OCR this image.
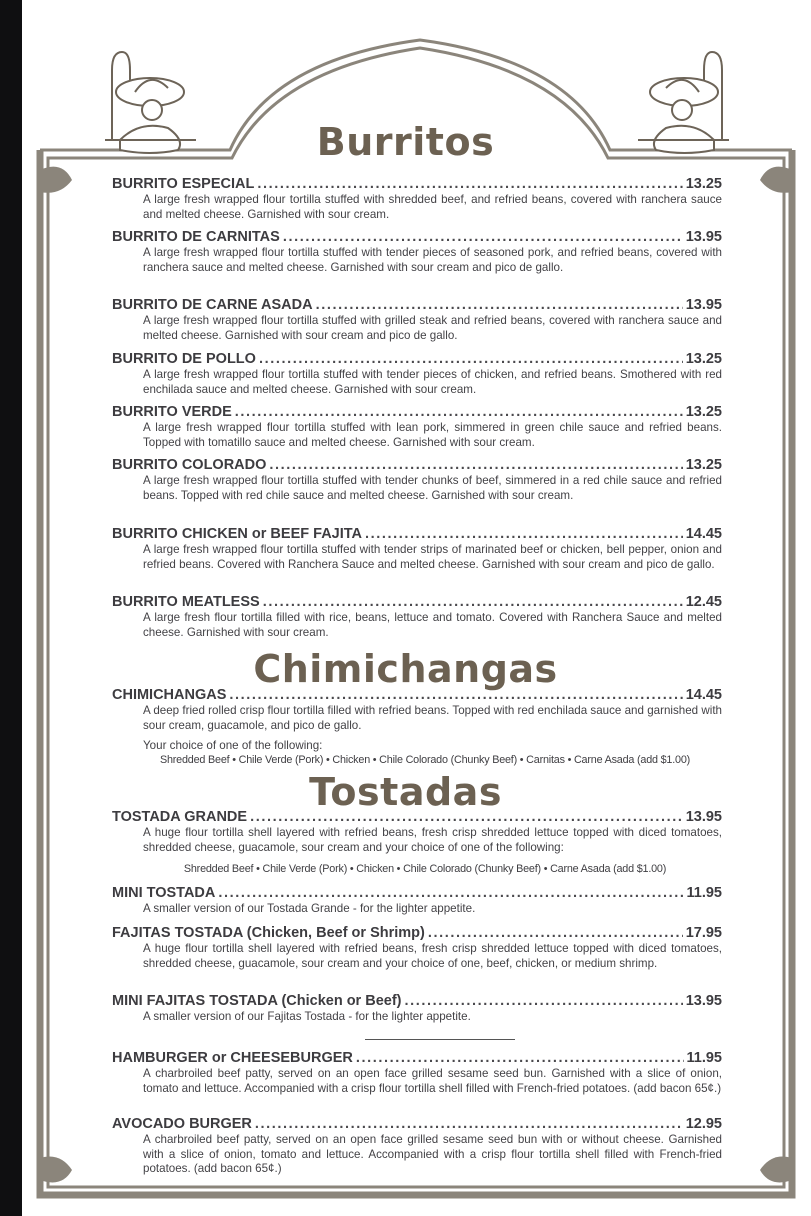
Burritos
BURRITO ESPECIAL .....	13.25
A large fresh wrapped flour tortilla stuffed with shredded beef, and refried beans, covered with ranchera sauce and melted cheese. Garnished with sour cream.
BURRITO DE CARNITAS .....	13.95
A large fresh wrapped flour tortilla stuffed with tender pieces of seasoned pork, and refried beans, covered with ranchera sauce and melted cheese. Garnished with sour cream and pico de gallo.
BURRITO DE CARNE ASADA .....	13.95
A large fresh wrapped flour tortilla stuffed with grilled steak and refried beans, covered with ranchera sauce and melted cheese. Garnished with sour cream and pico de gallo.
BURRITO DE POLLO .....	13.25
A large fresh wrapped flour tortilla stuffed with tender pieces of chicken, and refried beans. Smothered with red enchilada sauce and melted cheese. Garnished with sour cream.
BURRITO VERDE .....	13.25
A large fresh wrapped flour tortilla stuffed with lean pork, simmered in green chile sauce and refried beans. Topped with tomatillo sauce and melted cheese. Garnished with sour cream.
BURRITO COLORADO .....	13.25
A large fresh wrapped flour tortilla stuffed with tender chunks of beef, simmered in a red chile sauce and refried beans. Topped with red chile sauce and melted cheese. Garnished with sour cream.
BURRITO CHICKEN or BEEF FAJITA .....	14.45
A large fresh wrapped flour tortilla stuffed with tender strips of marinated beef or chicken, bell pepper, onion and refried beans. Covered with Ranchera Sauce and melted cheese. Garnished with sour cream and pico de gallo.
BURRITO MEATLESS .....	12.45
A large fresh flour tortilla filled with rice, beans, lettuce and tomato. Covered with Ranchera Sauce and melted cheese. Garnished with sour cream.
Chimichangas
CHIMICHANGAS .....	14.45
A deep fried rolled crisp flour tortilla filled with refried beans. Topped with red enchilada sauce and garnished with sour cream, guacamole, and pico de gallo.
Your choice of one of the following:
Shredded Beef • Chile Verde (Pork) • Chicken • Chile Colorado (Chunky Beef) • Carnitas • Carne Asada (add $1.00)
Tostadas
TOSTADA GRANDE .....	13.95
A huge flour tortilla shell layered with refried beans, fresh crisp shredded lettuce topped with diced tomatoes, shredded cheese, guacamole, sour cream and your choice of one of the following:
Shredded Beef • Chile Verde (Pork) • Chicken • Chile Colorado (Chunky Beef) • Carne Asada (add $1.00)
MINI TOSTADA .....	11.95
A smaller version of our Tostada Grande - for the lighter appetite.
FAJITAS TOSTADA (Chicken, Beef or Shrimp) .....	17.95
A huge flour tortilla shell layered with refried beans, fresh crisp shredded lettuce topped with diced tomatoes, shredded cheese, guacamole, sour cream and your choice of one, beef, chicken, or medium shrimp.
MINI FAJITAS TOSTADA (Chicken or Beef) .....	13.95
A smaller version of our Fajitas Tostada - for the lighter appetite.
HAMBURGER or CHEESEBURGER .....	11.95
A charbroiled beef patty, served on an open face grilled sesame seed bun. Garnished with a slice of onion, tomato and lettuce. Accompanied with a crisp flour tortilla shell filled with French-fried potatoes. (add bacon 65¢.)
AVOCADO BURGER .....	12.95
A charbroiled beef patty, served on an open face grilled sesame seed bun with or without cheese. Garnished with a slice of onion, tomato and lettuce. Accompanied with a crisp flour tortilla shell filled with French-fried potatoes. (add bacon 65¢.)
